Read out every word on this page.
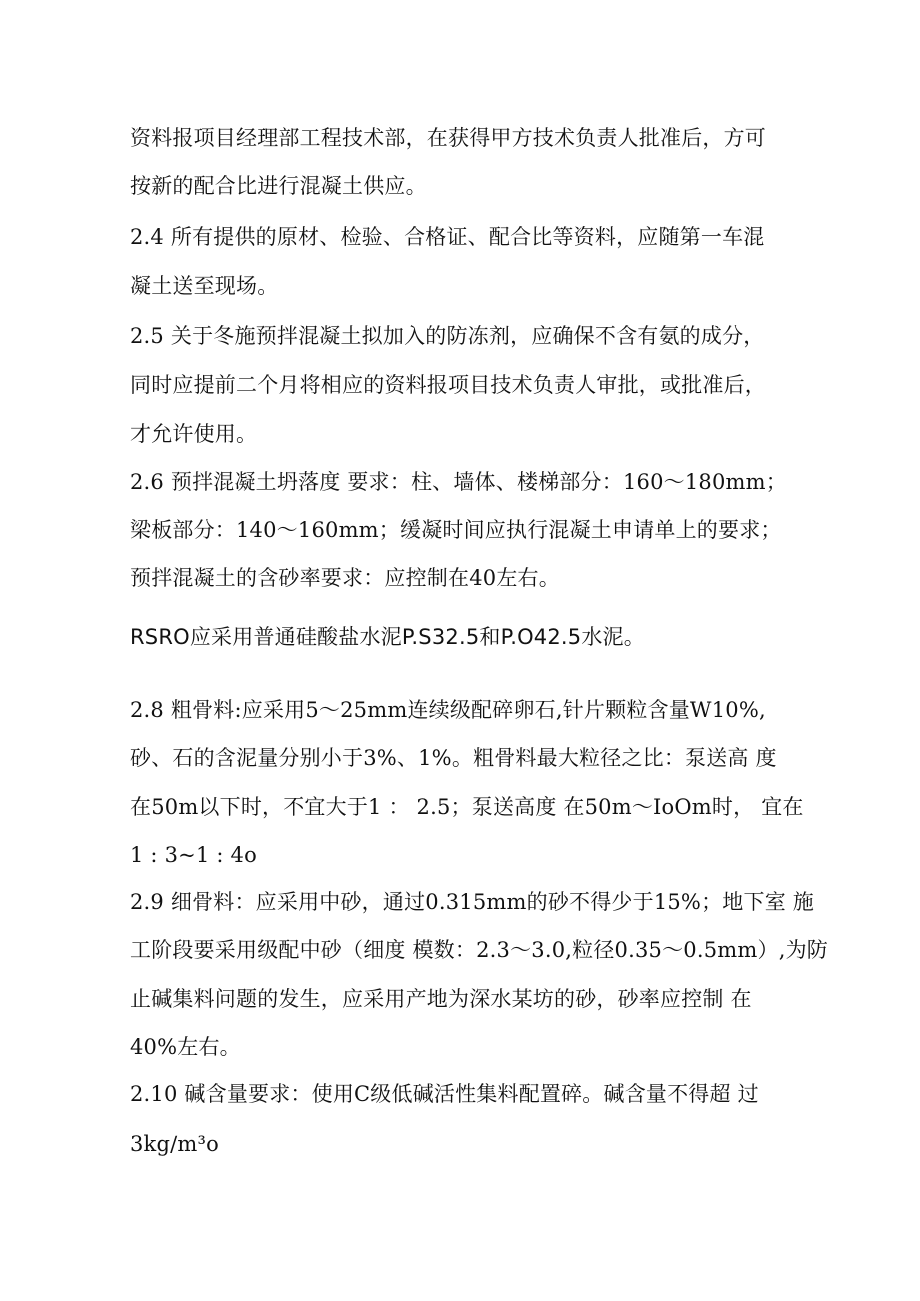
资料报项目经理部工程技术部，在获得甲方技术负责人批准后，方可
按新的配合比进行混凝土供应。
2.4 所有提供的原材、检验、合格证、配合比等资料，应随第一车混
凝土送至现场。
2.5 关于冬施预拌混凝土拟加入的防冻剂，应确保不含有氨的成分，
同时应提前二个月将相应的资料报项目技术负责人审批，或批准后，
才允许使用。
2.6 预拌混凝土坍落度 要求：柱、墙体、楼梯部分：160～180mm；
梁板部分：140～160mm；缓凝时间应执行混凝土申请单上的要求；
预拌混凝土的含砂率要求：应控制在40左右。
RSRO应采用普通硅酸盐水泥P.S32.5和P.O42.5水泥。
2.8 粗骨料:应采用5～25mm连续级配碎卵石,针片颗粒含量W10%,
砂、石的含泥量分别小于3%、1%。粗骨料最大粒径之比：泵送高 度
在50m以下时，不宜大于1 ： 2.5；泵送高度 在50m～IoOm时， 宜在
1 : 3~1 : 4o
2.9 细骨料：应采用中砂，通过0.315mm的砂不得少于15%；地下室 施
工阶段要采用级配中砂（细度 模数：2.3～3.0,粒径0.35～0.5mm）,为防
止碱集料问题的发生，应采用产地为深水某坊的砂，砂率应控制 在
40%左右。
2.10 碱含量要求：使用C级低碱活性集料配置碎。碱含量不得超 过
3kg∕m³o
